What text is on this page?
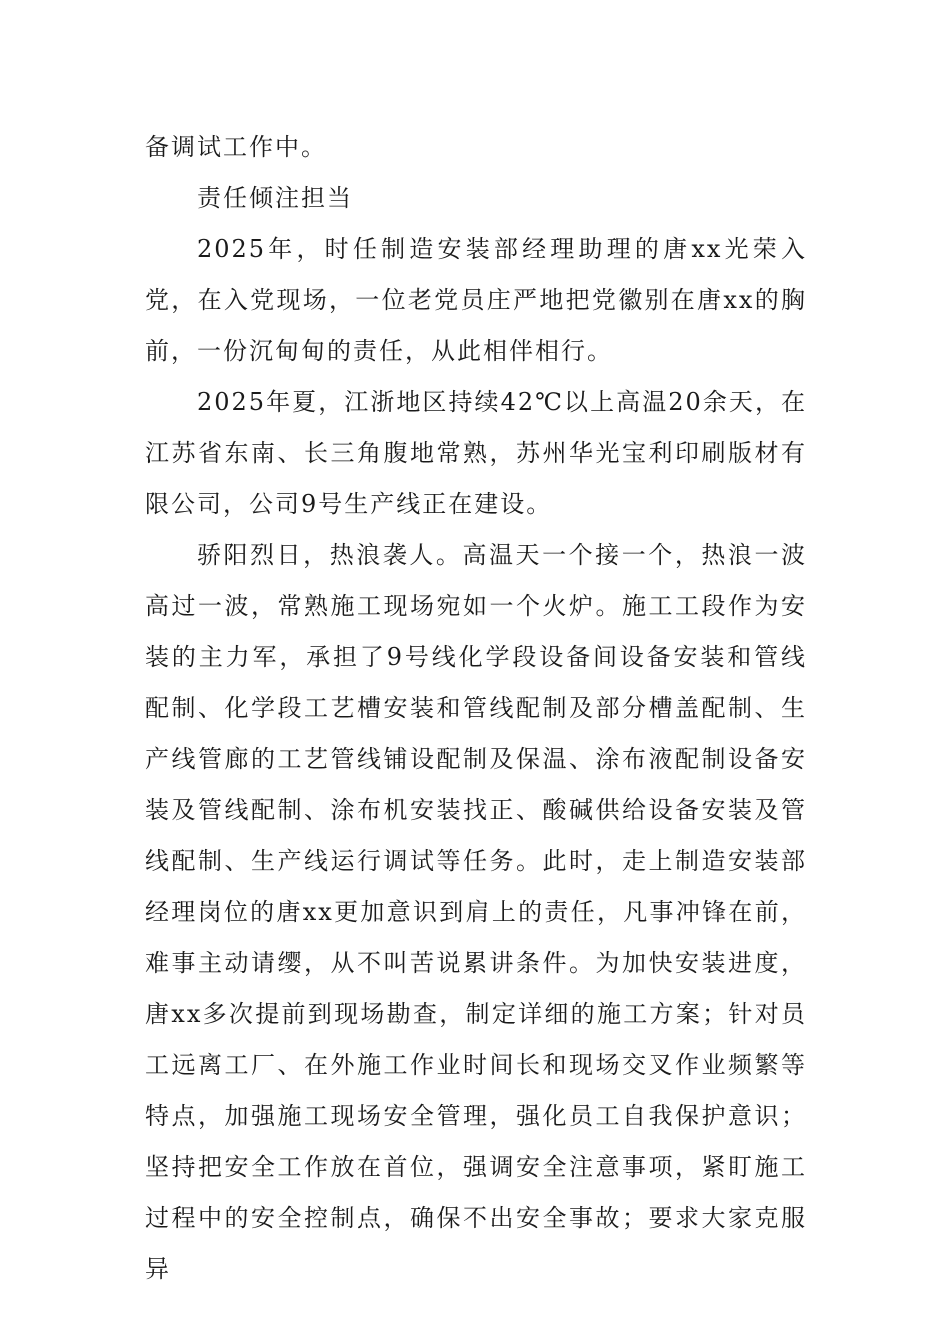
备调试工作中。

责任倾注担当

2025年，时任制造安装部经理助理的唐xx光荣入党，在入党现场，一位老党员庄严地把党徽别在唐xx的胸前，一份沉甸甸的责任，从此相伴相行。

2025年夏，江浙地区持续42℃以上高温20余天，在江苏省东南、长三角腹地常熟，苏州华光宝利印刷版材有限公司，公司9号生产线正在建设。

骄阳烈日，热浪袭人。高温天一个接一个，热浪一波高过一波，常熟施工现场宛如一个火炉。施工工段作为安装的主力军，承担了9号线化学段设备间设备安装和管线配制、化学段工艺槽安装和管线配制及部分槽盖配制、生产线管廊的工艺管线铺设配制及保温、涂布液配制设备安装及管线配制、涂布机安装找正、酸碱供给设备安装及管线配制、生产线运行调试等任务。此时，走上制造安装部经理岗位的唐xx更加意识到肩上的责任，凡事冲锋在前，难事主动请缨，从不叫苦说累讲条件。为加快安装进度，唐xx多次提前到现场勘查，制定详细的施工方案；针对员工远离工厂、在外施工作业时间长和现场交叉作业频繁等特点，加强施工现场安全管理，强化员工自我保护意识；坚持把安全工作放在首位，强调安全注意事项，紧盯施工过程中的安全控制点，确保不出安全事故；要求大家克服异
